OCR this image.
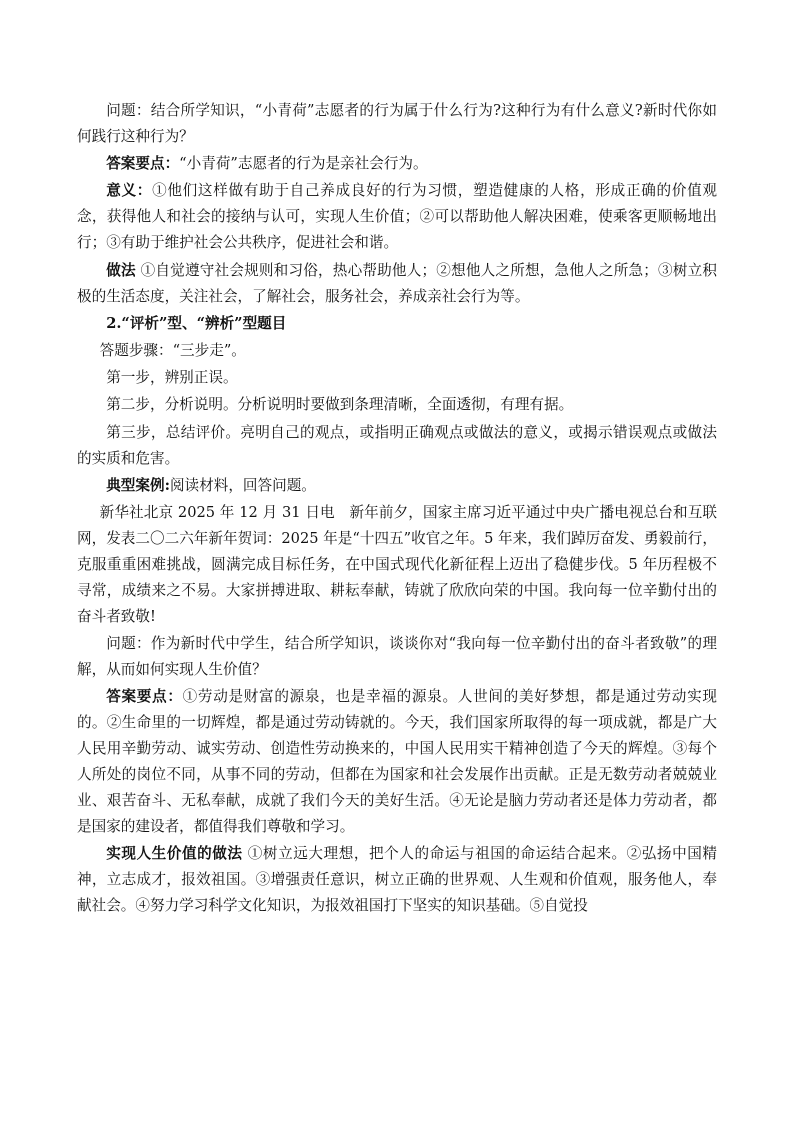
问题：结合所学知识，“小青荷”志愿者的行为属于什么行为?这种行为有什么意义?新时代你如何践行这种行为？

答案要点：“小青荷”志愿者的行为是亲社会行为。

意义：①他们这样做有助于自己养成良好的行为习惯，塑造健康的人格，形成正确的价值观念，获得他人和社会的接纳与认可，实现人生价值；②可以帮助他人解决困难，使乘客更顺畅地出行；③有助于维护社会公共秩序，促进社会和谐。

做法 ①自觉遵守社会规则和习俗，热心帮助他人；②想他人之所想，急他人之所急；③树立积极的生活态度，关注社会，了解社会，服务社会，养成亲社会行为等。

2.“评析”型、“辨析”型题目

答题步骤：“三步走”。

第一步，辨别正误。

第二步，分析说明。分析说明时要做到条理清晰，全面透彻，有理有据。

第三步，总结评价。亮明自己的观点，或指明正确观点或做法的意义，或揭示错误观点或做法的实质和危害。

典型案例:阅读材料，回答问题。

新华社北京 2025 年 12 月 31 日电　新年前夕，国家主席习近平通过中央广播电视总台和互联网，发表二〇二六年新年贺词：2025 年是“十四五”收官之年。5 年来，我们踔厉奋发、勇毅前行，克服重重困难挑战，圆满完成目标任务，在中国式现代化新征程上迈出了稳健步伐。5 年历程极不寻常，成绩来之不易。大家拼搏进取、耕耘奉献，铸就了欣欣向荣的中国。我向每一位辛勤付出的奋斗者致敬!

问题：作为新时代中学生，结合所学知识，谈谈你对“我向每一位辛勤付出的奋斗者致敬”的理解，从而如何实现人生价值？

答案要点：①劳动是财富的源泉，也是幸福的源泉。人世间的美好梦想，都是通过劳动实现的。②生命里的一切辉煌，都是通过劳动铸就的。今天，我们国家所取得的每一项成就，都是广大人民用辛勤劳动、诚实劳动、创造性劳动换来的，中国人民用实干精神创造了今天的辉煌。③每个人所处的岗位不同，从事不同的劳动，但都在为国家和社会发展作出贡献。正是无数劳动者兢兢业业、艰苦奋斗、无私奉献，成就了我们今天的美好生活。④无论是脑力劳动者还是体力劳动者，都是国家的建设者，都值得我们尊敬和学习。

实现人生价值的做法 ①树立远大理想，把个人的命运与祖国的命运结合起来。②弘扬中国精神，立志成才，报效祖国。③增强责任意识，树立正确的世界观、人生观和价值观，服务他人，奉献社会。④努力学习科学文化知识，为报效祖国打下坚实的知识基础。⑤自觉投
